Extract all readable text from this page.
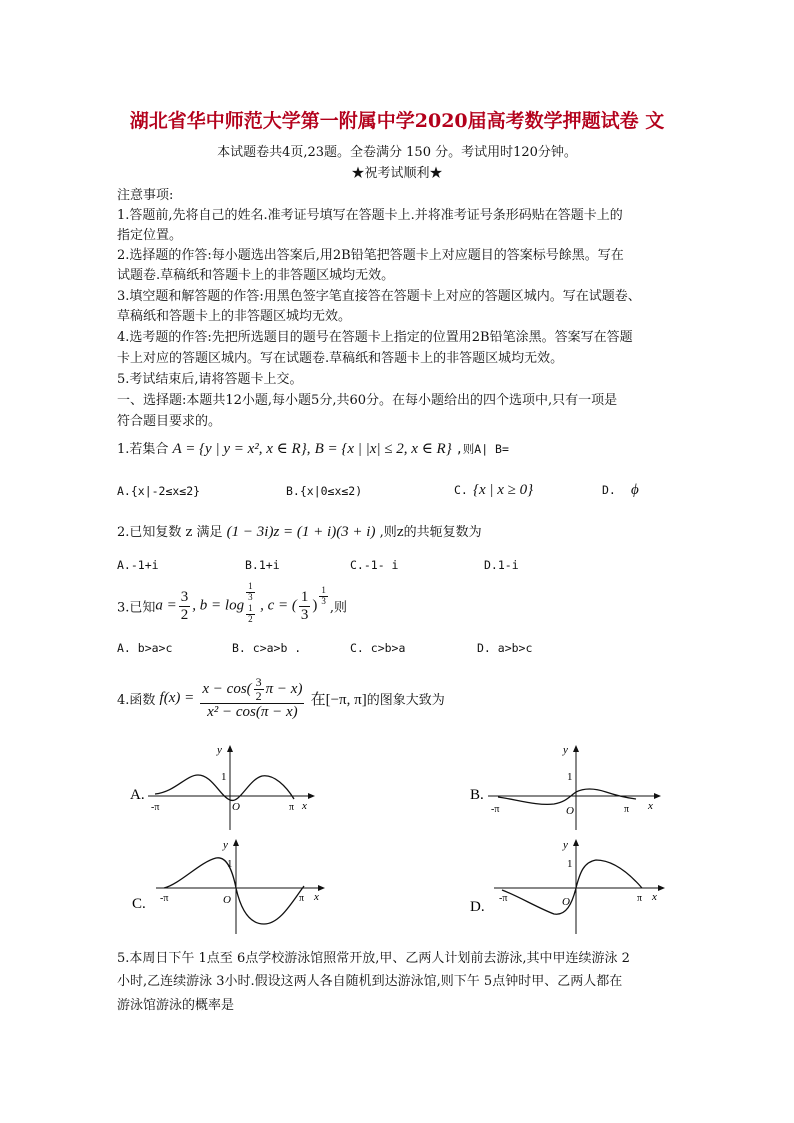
湖北省华中师范大学第一附属中学2020届高考数学押题试卷 文
本试题卷共4页,23题。全卷满分 150 分。考试用时120分钟。
★祝考试顺利★
注意事项:
1.答题前,先将自己的姓名.准考证号填写在答题卡上.并将准考证号条形码贴在答题卡上的
指定位置。
2.选择题的作答:每小题选出答案后,用2B铅笔把答题卡上对应题目的答案标号餘黑。写在
试题卷.草稿纸和答题卡上的非答题区城均无效。
3.填空题和解答题的作答:用黑色签字笔直接答在答题卡上对应的答题区城内。写在试题卷、
草稿纸和答题卡上的非答题区城均无效。
4.选考题的作答:先把所选题目的题号在答题卡上指定的位置用2B铅笔涂黑。答案写在答题
卡上对应的答题区城内。写在试题卷.草稿纸和答题卡上的非答题区城均无效。
5.考试结束后,请将答题卡上交。
一、选择题:本题共12小题,每小题5分,共60分。在每小题给出的四个选项中,只有一项是
符合题目要求的。
1.若集合 A = {y | y = x², x ∈ R}, B = {x | |x| ≤ 2, x ∈ R} ,则A∣ B=
A.{x|-2≤x≤2}	B.{x|0≤x≤2)	C. {x | x ≥ 0}	D. ϕ
2.已知复数 z 满足 (1 − 3i)z = (1 + i)(3 + i) ,则z的共轭复数为
A.-1+i	B.1+i	C.-1- i	D.1-i
3.已知$a = \frac{3}{2}$ , b = log
$\frac{1}{3}$
$\frac{1}{2}$ , c = ( $\frac{1}{3}$ ) $\frac{1}{3}$
,则
A. b>a>c	B. c>a>b .	C. c>b>a	D. a>b>c
4.函数 $f(x) = \frac{x - \cos( \frac{3}{2} \pi - x)}{\text{x² − cos(π − x)}}$ 在[−π, π]的图象大致为
A.
y
1
-π	O	π x
B.
y
1
-π	O	π x
C.
y
1
-π	O	π x
D.
y
1
-π	O	π x
5.本周日下午 1点至 6点学校游泳馆照常开放,甲、乙两人计划前去游泳,其中甲连续游泳 2
小时,乙连续游泳 3小时.假设这两人各自随机到达游泳馆,则下午 5点钟时甲、乙两人都在
游泳馆游泳的概率是
